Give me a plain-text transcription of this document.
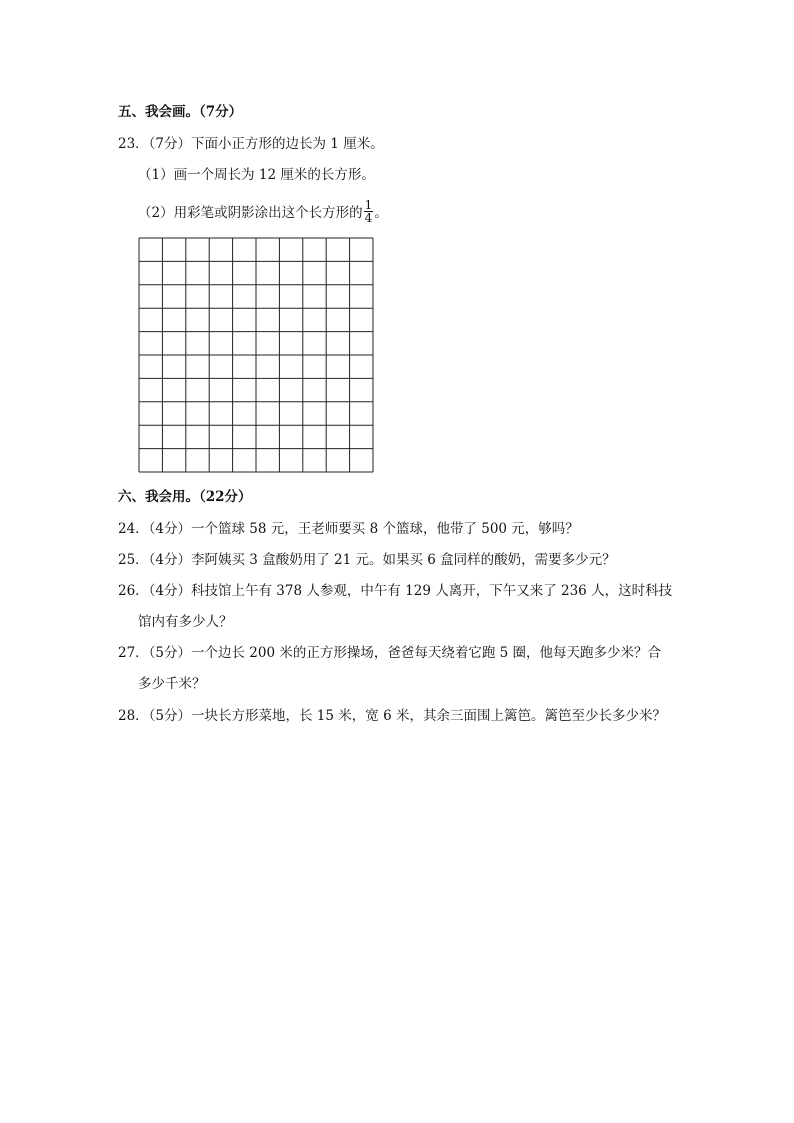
五、我会画。（7分）
23．（7分）下面小正方形的边长为 1 厘米。
（1）画一个周长为 12 厘米的长方形。
（2）用彩笔或阴影涂出这个长方形的 $\frac{1}{4}$ 。
六、我会用。（22分）
24．（4分）一个篮球 58 元，王老师要买 8 个篮球，他带了 500 元，够吗？
25．（4分）李阿姨买 3 盒酸奶用了 21 元。如果买 6 盒同样的酸奶，需要多少元？
26．（4分）科技馆上午有 378 人参观，中午有 129 人离开，下午又来了 236 人，这时科技
馆内有多少人？
27．（5分）一个边长 200 米的正方形操场，爸爸每天绕着它跑 5 圈，他每天跑多少米？合
多少千米？
28．（5分）一块长方形菜地，长 15 米，宽 6 米，其余三面围上篱笆。篱笆至少长多少米？
